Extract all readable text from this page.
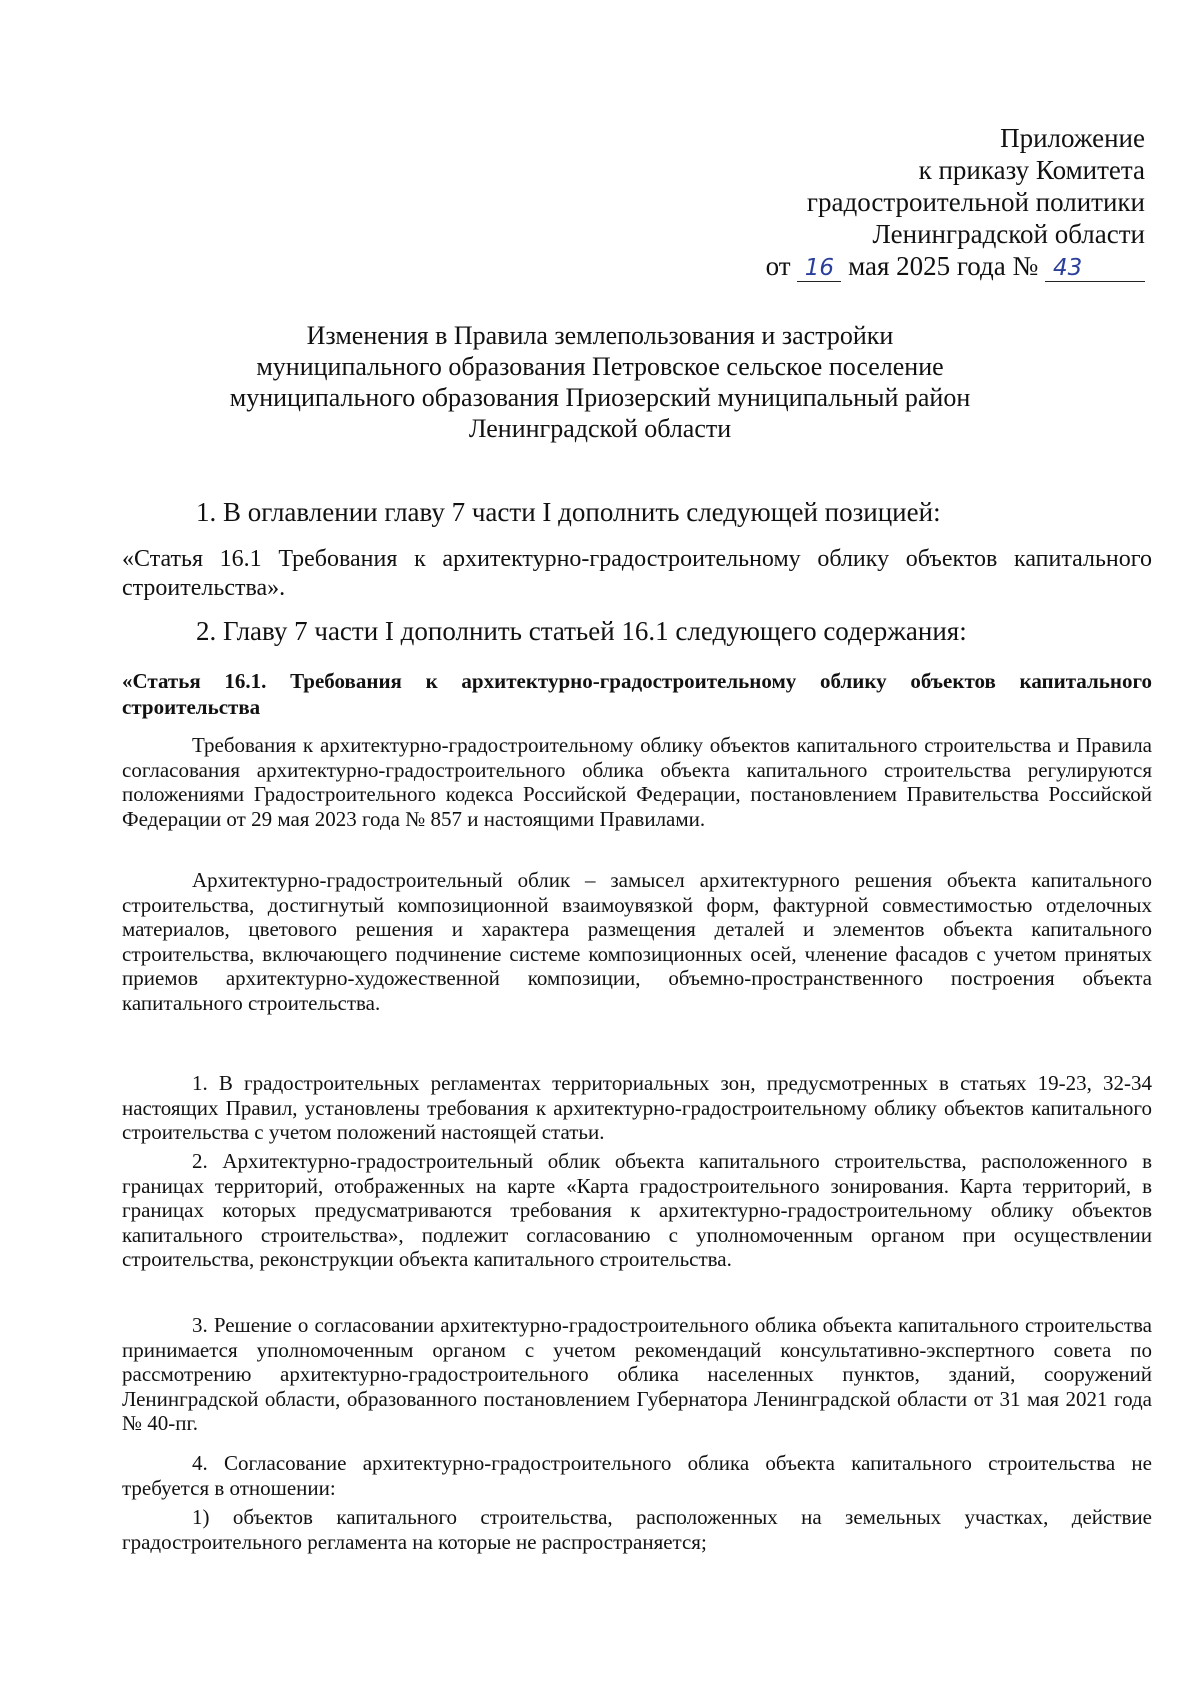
Приложение
к приказу Комитета
градостроительной политики
Ленинградской области
от 16 мая 2025 года № 43
Изменения в Правила землепользования и застройки
муниципального образования Петровское сельское поселение
муниципального образования Приозерский муниципальный район
Ленинградской области
1. В оглавлении главу 7 части I дополнить следующей позицией:
«Статья 16.1 Требования к архитектурно-градостроительному облику объектов капитального строительства».
2. Главу 7 части I дополнить статьей 16.1 следующего содержания:
«Статья 16.1. Требования к архитектурно-градостроительному облику объектов капитального строительства
Требования к архитектурно-градостроительному облику объектов капитального строительства и Правила согласования архитектурно-градостроительного облика объекта капитального строительства регулируются положениями Градостроительного кодекса Российской Федерации, постановлением Правительства Российской Федерации от 29 мая 2023 года № 857 и настоящими Правилами.
Архитектурно-градостроительный облик – замысел архитектурного решения объекта капитального строительства, достигнутый композиционной взаимоувязкой форм, фактурной совместимостью отделочных материалов, цветового решения и характера размещения деталей и элементов объекта капитального строительства, включающего подчинение системе композиционных осей, членение фасадов с учетом принятых приемов архитектурно-художественной композиции, объемно-пространственного построения объекта капитального строительства.
1. В градостроительных регламентах территориальных зон, предусмотренных в статьях 19-23, 32-34 настоящих Правил, установлены требования к архитектурно-градостроительному облику объектов капитального строительства с учетом положений настоящей статьи.
2. Архитектурно-градостроительный облик объекта капитального строительства, расположенного в границах территорий, отображенных на карте «Карта градостроительного зонирования. Карта территорий, в границах которых предусматриваются требования к архитектурно-градостроительному облику объектов капитального строительства», подлежит согласованию с уполномоченным органом при осуществлении строительства, реконструкции объекта капитального строительства.
3. Решение о согласовании архитектурно-градостроительного облика объекта капитального строительства принимается уполномоченным органом с учетом рекомендаций консультативно-экспертного совета по рассмотрению архитектурно-градостроительного облика населенных пунктов, зданий, сооружений Ленинградской области, образованного постановлением Губернатора Ленинградской области от 31 мая 2021 года № 40-пг.
4. Согласование архитектурно-градостроительного облика объекта капитального строительства не требуется в отношении:
1) объектов капитального строительства, расположенных на земельных участках, действие градостроительного регламента на которые не распространяется;
